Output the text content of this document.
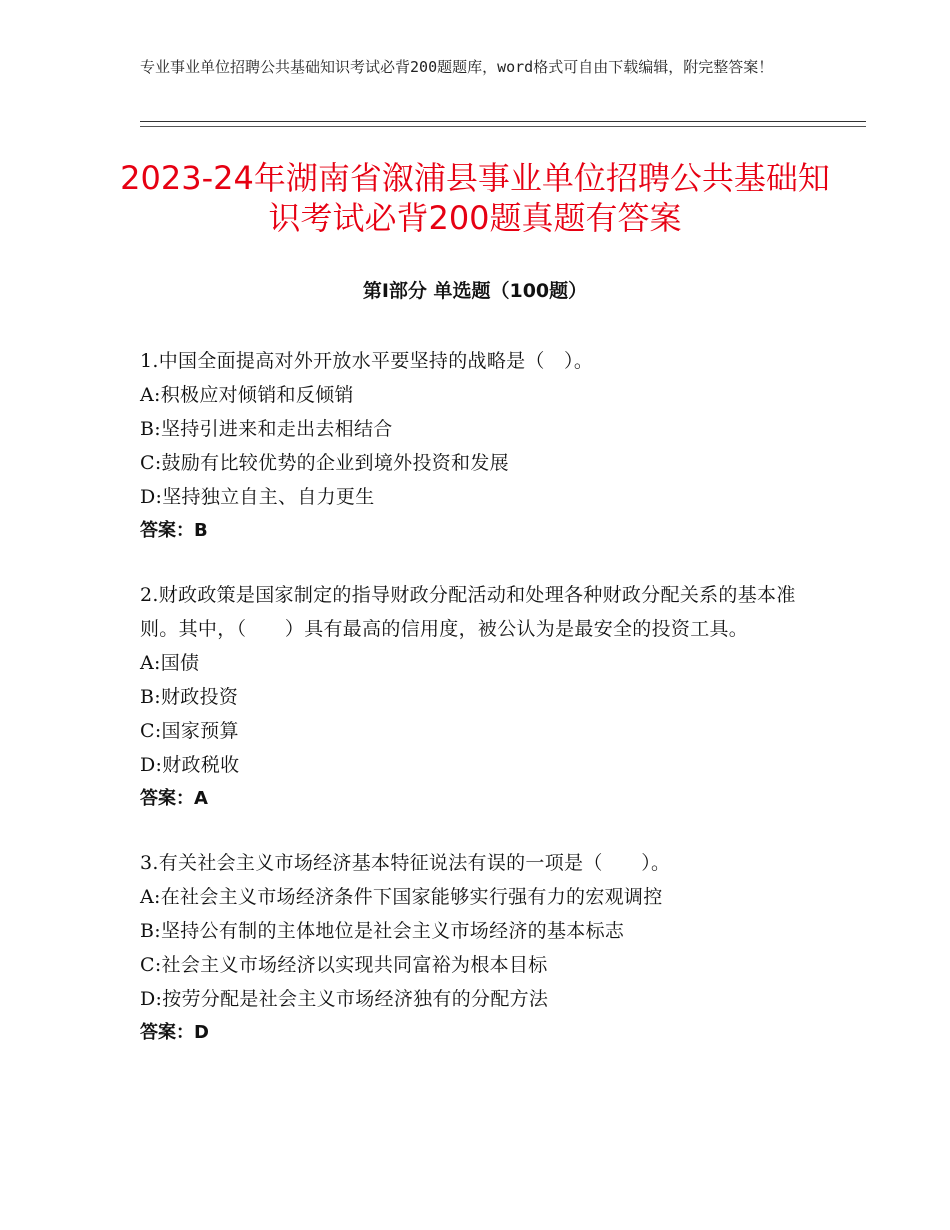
专业事业单位招聘公共基础知识考试必背200题题库，word格式可自由下载编辑，附完整答案！
2023-24年湖南省溆浦县事业单位招聘公共基础知识考试必背200题真题有答案
第Ⅰ部分 单选题（100题）

1.中国全面提高对外开放水平要坚持的战略是（　）。

A:积极应对倾销和反倾销

B:坚持引进来和走出去相结合

C:鼓励有比较优势的企业到境外投资和发展

D:坚持独立自主、自力更生

答案：B

2.财政政策是国家制定的指导财政分配活动和处理各种财政分配关系的基本准则。其中，（　　）具有最高的信用度，被公认为是最安全的投资工具。

A:国债

B:财政投资

C:国家预算

D:财政税收

答案：A

3.有关社会主义市场经济基本特征说法有误的一项是（　　）。

A:在社会主义市场经济条件下国家能够实行强有力的宏观调控

B:坚持公有制的主体地位是社会主义市场经济的基本标志

C:社会主义市场经济以实现共同富裕为根本目标

D:按劳分配是社会主义市场经济独有的分配方法

答案：D
